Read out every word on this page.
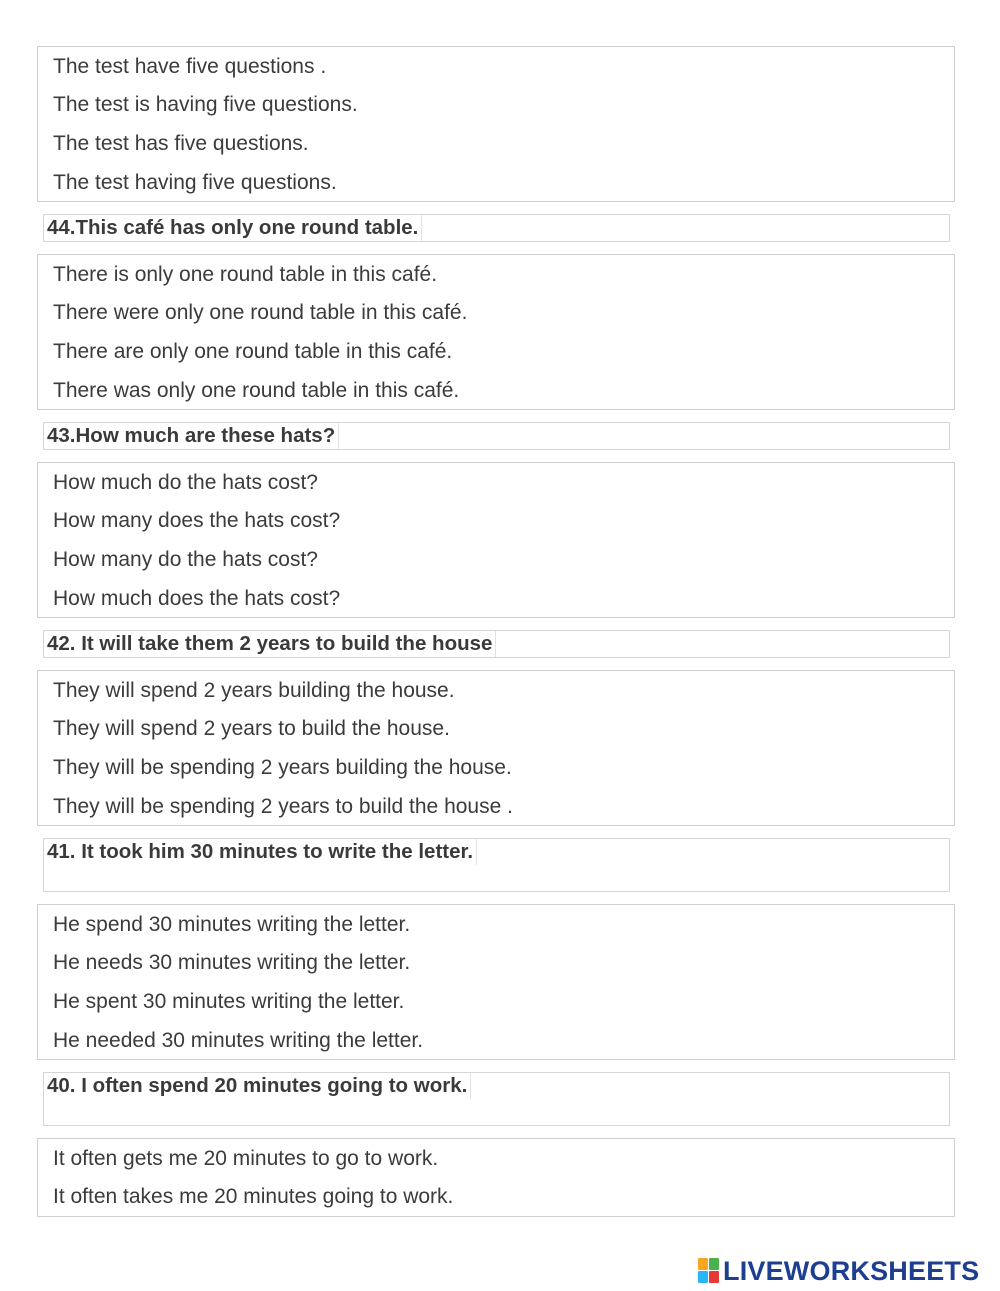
The test have five questions .
The test is having five questions.
The test has five questions.
The test having five questions.
44.This café has only one round table.
There is only one round table in this café.
There were only one round table in this café.
There are only one round table in this café.
There was only one round table in this café.
43.How much are these hats?
How much do the hats cost?
How many does the hats cost?
How many do the hats cost?
How much does the hats cost?
42. It will take them 2 years to build the house
They will spend 2 years building the house.
They will spend 2 years to build the house.
They will be spending 2 years building the house.
They will be spending 2 years to build the house .
41. It took him 30 minutes to write the letter.
He spend 30 minutes writing the letter.
He needs 30 minutes writing the letter.
He spent 30 minutes writing the letter.
He needed 30 minutes writing the letter.
40. I often spend 20 minutes going to work.
It often gets me 20 minutes to go to work.
It often takes me 20 minutes going to work.
LIVEWORKSHEETS
